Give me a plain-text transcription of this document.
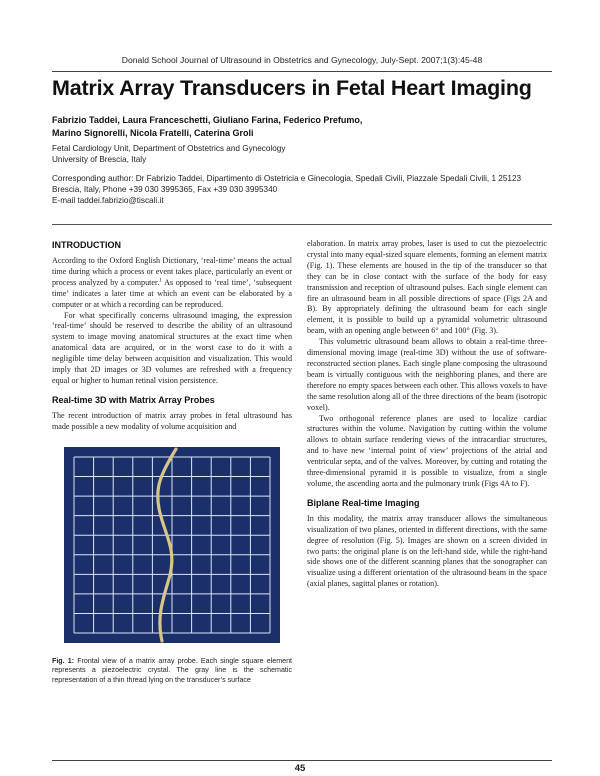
Donald School Journal of Ultrasound in Obstetrics and Gynecology, July-Sept. 2007;1(3):45-48
Matrix Array Transducers in Fetal Heart Imaging
Fabrizio Taddei, Laura Franceschetti, Giuliano Farina, Federico Prefumo,
Marino Signorelli, Nicola Fratelli, Caterina Groli
Fetal Cardiology Unit, Department of Obstetrics and Gynecology
University of Brescia, Italy
Corresponding author: Dr Fabrizio Taddei, Dipartimento di Ostetricia e Ginecologia, Spedali Civili, Piazzale Spedali Civili, 1 25123 Brescia, Italy, Phone +39 030 3995365, Fax +39 030 3995340
E-mail taddei.fabrizio@tiscali.it
INTRODUCTION

According to the Oxford English Dictionary, ‘real-time’ means the actual time during which a process or event takes place, particularly an event or process analyzed by a computer.$^1$ As opposed to ‘real time’, ‘subsequent time’ indicates a later time at which an event can be elaborated by a computer or at which a recording can be reproduced.

For what specifically concerns ultrasound imaging, the expression ‘real-time’ should be reserved to describe the ability of an ultrasound system to image moving anatomical structures at the exact time when anatomical data are acquired, or in the worst case to do it with a negligible time delay between acquisition and visualization. This would imply that 2D images or 3D volumes are refreshed with a frequency equal or higher to human retinal vision persistence.

Real-time 3D with Matrix Array Probes

The recent introduction of matrix array probes in fetal ultrasound has made possible a new modality of volume acquisition and

Fig. 1: Frontal view of a matrix array probe. Each single square element represents a piezoelectric crystal. The gray line is the schematic representation of a thin thread lying on the transducer’s surface

elaboration. In matrix array probes, laser is used to cut the piezoelectric crystal into many equal-sized square elements, forming an element matrix (Fig. 1). These elements are housed in the tip of the transducer so that they can be in close contact with the surface of the body for easy transmission and reception of ultrasound pulses. Each single element can fire an ultrasound beam in all possible directions of space (Figs 2A and B). By appropriately defining the ultrasound beam for each single element, it is possible to build up a pyramidal volumetric ultrasound beam, with an opening angle between 6° and 100° (Fig. 3).

This volumetric ultrasound beam allows to obtain a real-time three-dimensional moving image (real-time 3D) without the use of software-reconstructed section planes. Each single plane composing the ultrasound beam is virtually contiguous with the neighboring planes, and there are therefore no empty spaces between each other. This allows voxels to have the same resolution along all of the three directions of the beam (isotropic voxel).

Two orthogonal reference planes are used to localize cardiac structures within the volume. Navigation by cutting within the volume allows to obtain surface rendering views of the intracardiac structures, and to have new ‘internal point of view’ projections of the atrial and ventricular septa, and of the valves. Moreover, by cutting and rotating the three-dimensional pyramid it is possible to visualize, from a single volume, the ascending aorta and the pulmonary trunk (Figs 4A to F).

Biplane Real-time Imaging

In this modality, the matrix array transducer allows the simultaneous visualization of two planes, oriented in different directions, with the same degree of resolution (Fig. 5). Images are shown on a screen divided in two parts: the original plane is on the left-hand side, while the right-hand side shows one of the different scanning planes that the sonographer can visualize using a different orientation of the ultrasound beam in the space (axial planes, sagittal planes or rotation).

45
